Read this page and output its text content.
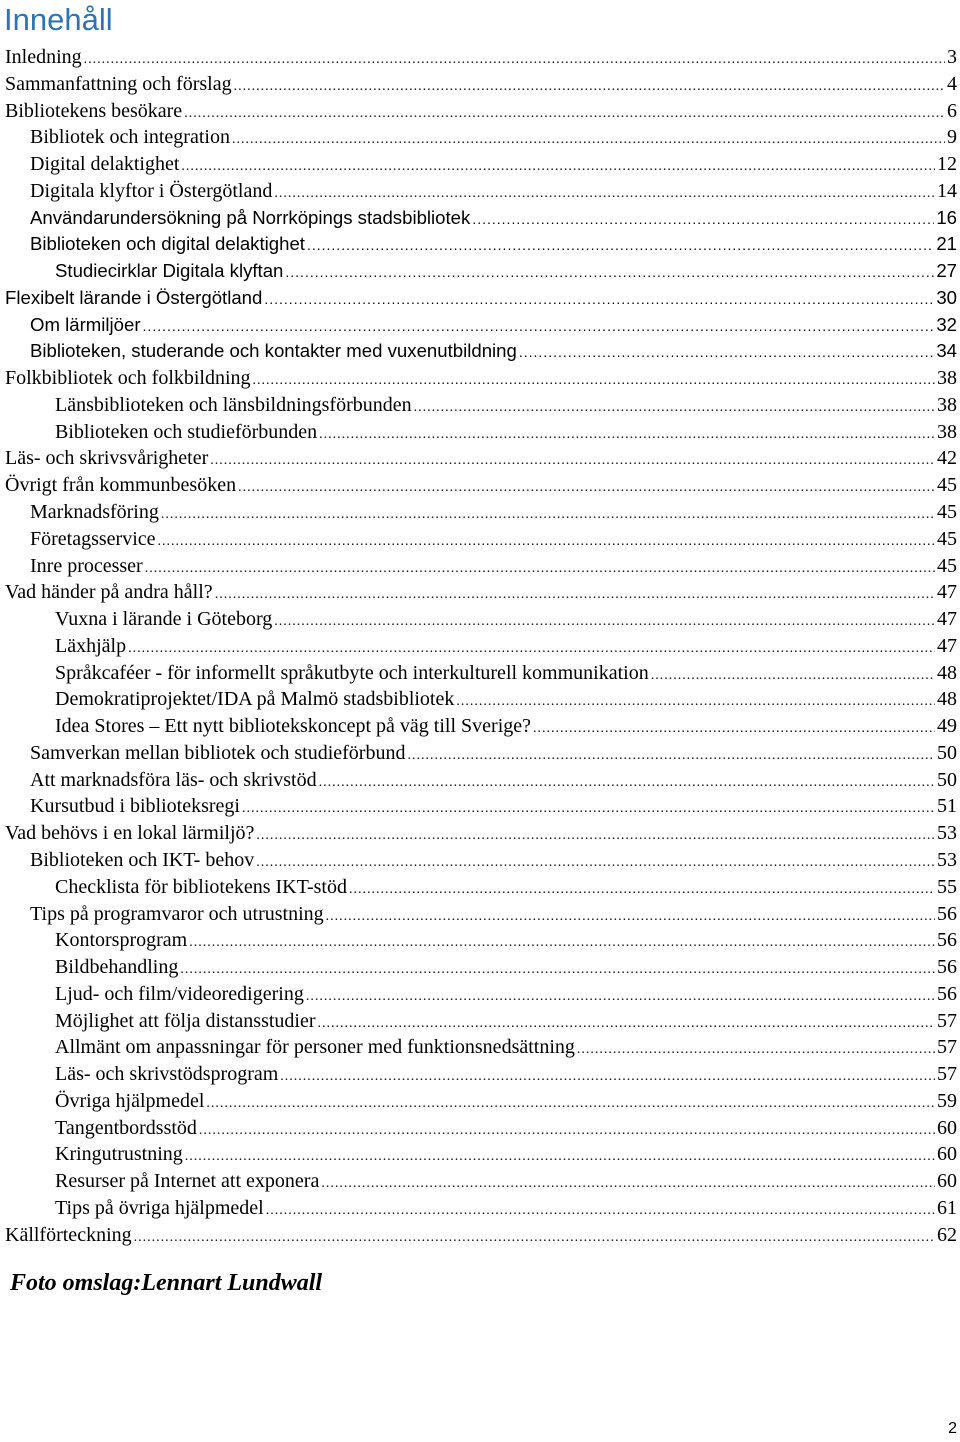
Innehåll
Inledning .....	3
Sammanfattning och förslag .....	4
Bibliotekens besökare .....	6
Bibliotek och integration .....	9
Digital delaktighet .....	12
Digitala klyftor i Östergötland .....	14
Användarundersökning på Norrköpings stadsbibliotek .....	16
Biblioteken och digital delaktighet .....	21
Studiecirklar Digitala klyftan .....	27
Flexibelt lärande i Östergötland .....	30
Om lärmiljöer .....	32
Biblioteken, studerande och kontakter med vuxenutbildning .....	34
Folkbibliotek och folkbildning .....	38
Länsbiblioteken och länsbildningsförbunden .....	38
Biblioteken och studieförbunden .....	38
Läs- och skrivsvårigheter .....	42
Övrigt från kommunbesöken .....	45
Marknadsföring .....	45
Företagsservice .....	45
Inre processer .....	45
Vad händer på andra håll? .....	47
Vuxna i lärande i Göteborg .....	47
Läxhjälp .....	47
Språkcaféer - för informellt språkutbyte och interkulturell kommunikation .....	48
Demokratiprojektet/IDA på Malmö stadsbibliotek .....	48
Idea Stores – Ett nytt bibliotekskoncept på väg till Sverige? .....	49
Samverkan mellan bibliotek och studieförbund .....	50
Att marknadsföra läs- och skrivstöd .....	50
Kursutbud i biblioteksregi .....	51
Vad behövs i en lokal lärmiljö? .....	53
Biblioteken och IKT- behov .....	53
Checklista för bibliotekens IKT-stöd .....	55
Tips på programvaror och utrustning .....	56
Kontorsprogram .....	56
Bildbehandling .....	56
Ljud- och film/videoredigering .....	56
Möjlighet att följa distansstudier .....	57
Allmänt om anpassningar för personer med funktionsnedsättning .....	57
Läs- och skrivstödsprogram .....	57
Övriga hjälpmedel .....	59
Tangentbordsstöd .....	60
Kringutrustning .....	60
Resurser på Internet att exponera .....	60
Tips på övriga hjälpmedel .....	61
Källförteckning .....	62

Foto omslag:Lennart Lundwall

2
